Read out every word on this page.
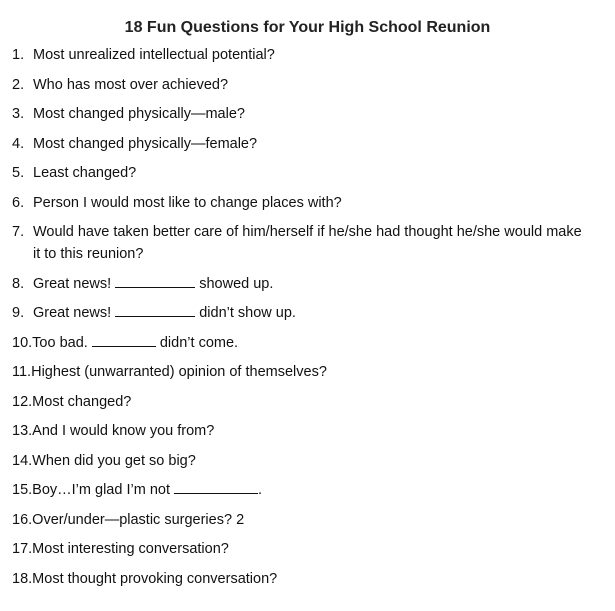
18 Fun Questions for Your High School Reunion
1. Most unrealized intellectual potential?
2. Who has most over achieved?
3. Most changed physically—male?
4. Most changed physically—female?
5. Least changed?
6. Person I would most like to change places with?
7. Would have taken better care of him/herself if he/she had thought he/she would make
it to this reunion?
8. Great news!	showed up.
9. Great news!	didn’t show up.
10.Too bad.	didn’t come.
11.Highest (unwarranted) opinion of themselves?
12.Most changed?
13.And I would know you from?
14.When did you get so big?
15.Boy…I’m glad I’m not	.
16.Over/under—plastic surgeries? 2
17.Most interesting conversation?
18.Most thought provoking conversation?
